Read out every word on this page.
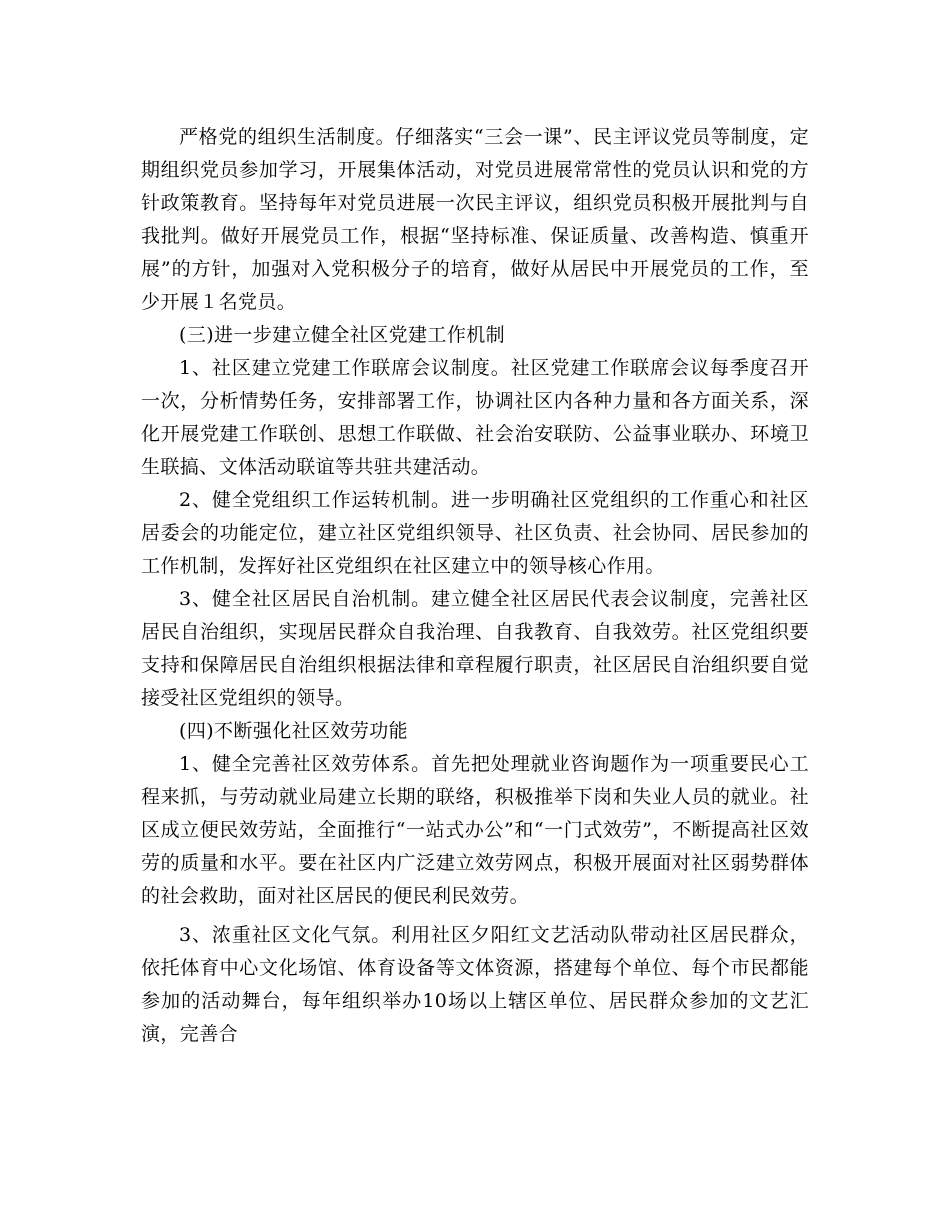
严格党的组织生活制度。仔细落实“三会一课”、民主评议党员等制度，定期组织党员参加学习，开展集体活动，对党员进展常常性的党员认识和党的方针政策教育。坚持每年对党员进展一次民主评议，组织党员积极开展批判与自我批判。做好开展党员工作，根据“坚持标准、保证质量、改善构造、慎重开展”的方针，加强对入党积极分子的培育，做好从居民中开展党员的工作，至少开展１名党员。

(三)进一步建立健全社区党建工作机制

1、社区建立党建工作联席会议制度。社区党建工作联席会议每季度召开一次，分析情势任务，安排部署工作，协调社区内各种力量和各方面关系，深化开展党建工作联创、思想工作联做、社会治安联防、公益事业联办、环境卫生联搞、文体活动联谊等共驻共建活动。

2、健全党组织工作运转机制。进一步明确社区党组织的工作重心和社区居委会的功能定位，建立社区党组织领导、社区负责、社会协同、居民参加的工作机制，发挥好社区党组织在社区建立中的领导核心作用。

3、健全社区居民自治机制。建立健全社区居民代表会议制度，完善社区居民自治组织，实现居民群众自我治理、自我教育、自我效劳。社区党组织要支持和保障居民自治组织根据法律和章程履行职责，社区居民自治组织要自觉接受社区党组织的领导。

(四)不断强化社区效劳功能

1、健全完善社区效劳体系。首先把处理就业咨询题作为一项重要民心工程来抓，与劳动就业局建立长期的联络，积极推举下岗和失业人员的就业。社区成立便民效劳站，全面推行“一站式办公”和“一门式效劳”，不断提高社区效劳的质量和水平。要在社区内广泛建立效劳网点，积极开展面对社区弱势群体的社会救助，面对社区居民的便民利民效劳。

3、浓重社区文化气氛。利用社区夕阳红文艺活动队带动社区居民群众，依托体育中心文化场馆、体育设备等文体资源，搭建每个单位、每个市民都能参加的活动舞台，每年组织举办10场以上辖区单位、居民群众参加的文艺汇演，完善合
